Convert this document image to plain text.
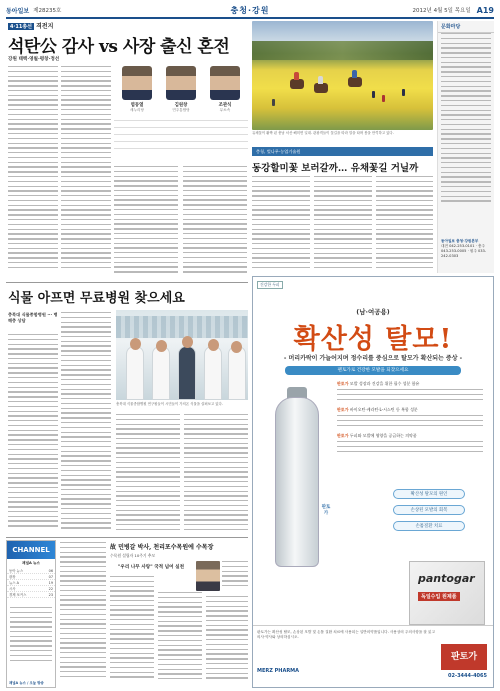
동아일보 제28235호	충청·강원	2012년 4월 5일 목요일 A19
4·11총선 격전지
석탄公 감사 vs 사장 출신 혼전
강원 태백·영월·평창·정선
염동열
새누리당
김원창
민주통합당
조관식
무소속
유채꽃이 활짝 핀 충남 서산 해미면 일대. 관광객들이 꽃길을 따라 말을 타며 봄을 만끽하고 있다.
문화마당
동아일보 충청·강원본부
대전 042-253-0101 · 충주 043-253-0005 · 원주 033-242-0303
충청, 벚나무·농업기술원
동강할미꽃 보러갈까… 유채꽃길 거닐까
식물 아프면 무료병원 찾으세요
충북대 식물종합병원 ··· 병해충 상담
충북대 식물종합병원 연구원들이 시민들이 가져온 식물을 살펴보고 있다.
CHANNEL
채널A 뉴스
동아 뉴스	06
광장	07
뉴스 A	19
시사	22
경제 포커스	23
채널A 뉴스 / 오늘 방송
故 민병갈 박사, 천리포수목원에 수목장
수목원 설립자 10주기 추모
"우리 나무 사랑" 국적 넘어 실천
건강한 두피
(남·여공용)
확산성 탈모!
- 머리카락이 가늘어지며 정수리를 중심으로 탈모가 확산되는 증상 -
팬토가로 건강한 모발을 되찾으세요
판토가 모발 성장과 건강을 위한 필수 성분 함유
판토가 바이오틴·케라틴·L-시스틴 등 복합 성분
판토가 두피와 모발에 영양을 공급하는 의약품
판토가
확산성 탈모의 원인
손상된 모발의 회복
손톱질환 치료
pantogar
독일수입 원제품
판토가는 확산성 탈모, 손상된 모발 및 손톱 질환 치료에 사용되는 일반의약품입니다. 사용상의 주의사항을 잘 읽고 의사·약사와 상의하십시오.
MERZ PHARMA
판토가
02-3444-4065
